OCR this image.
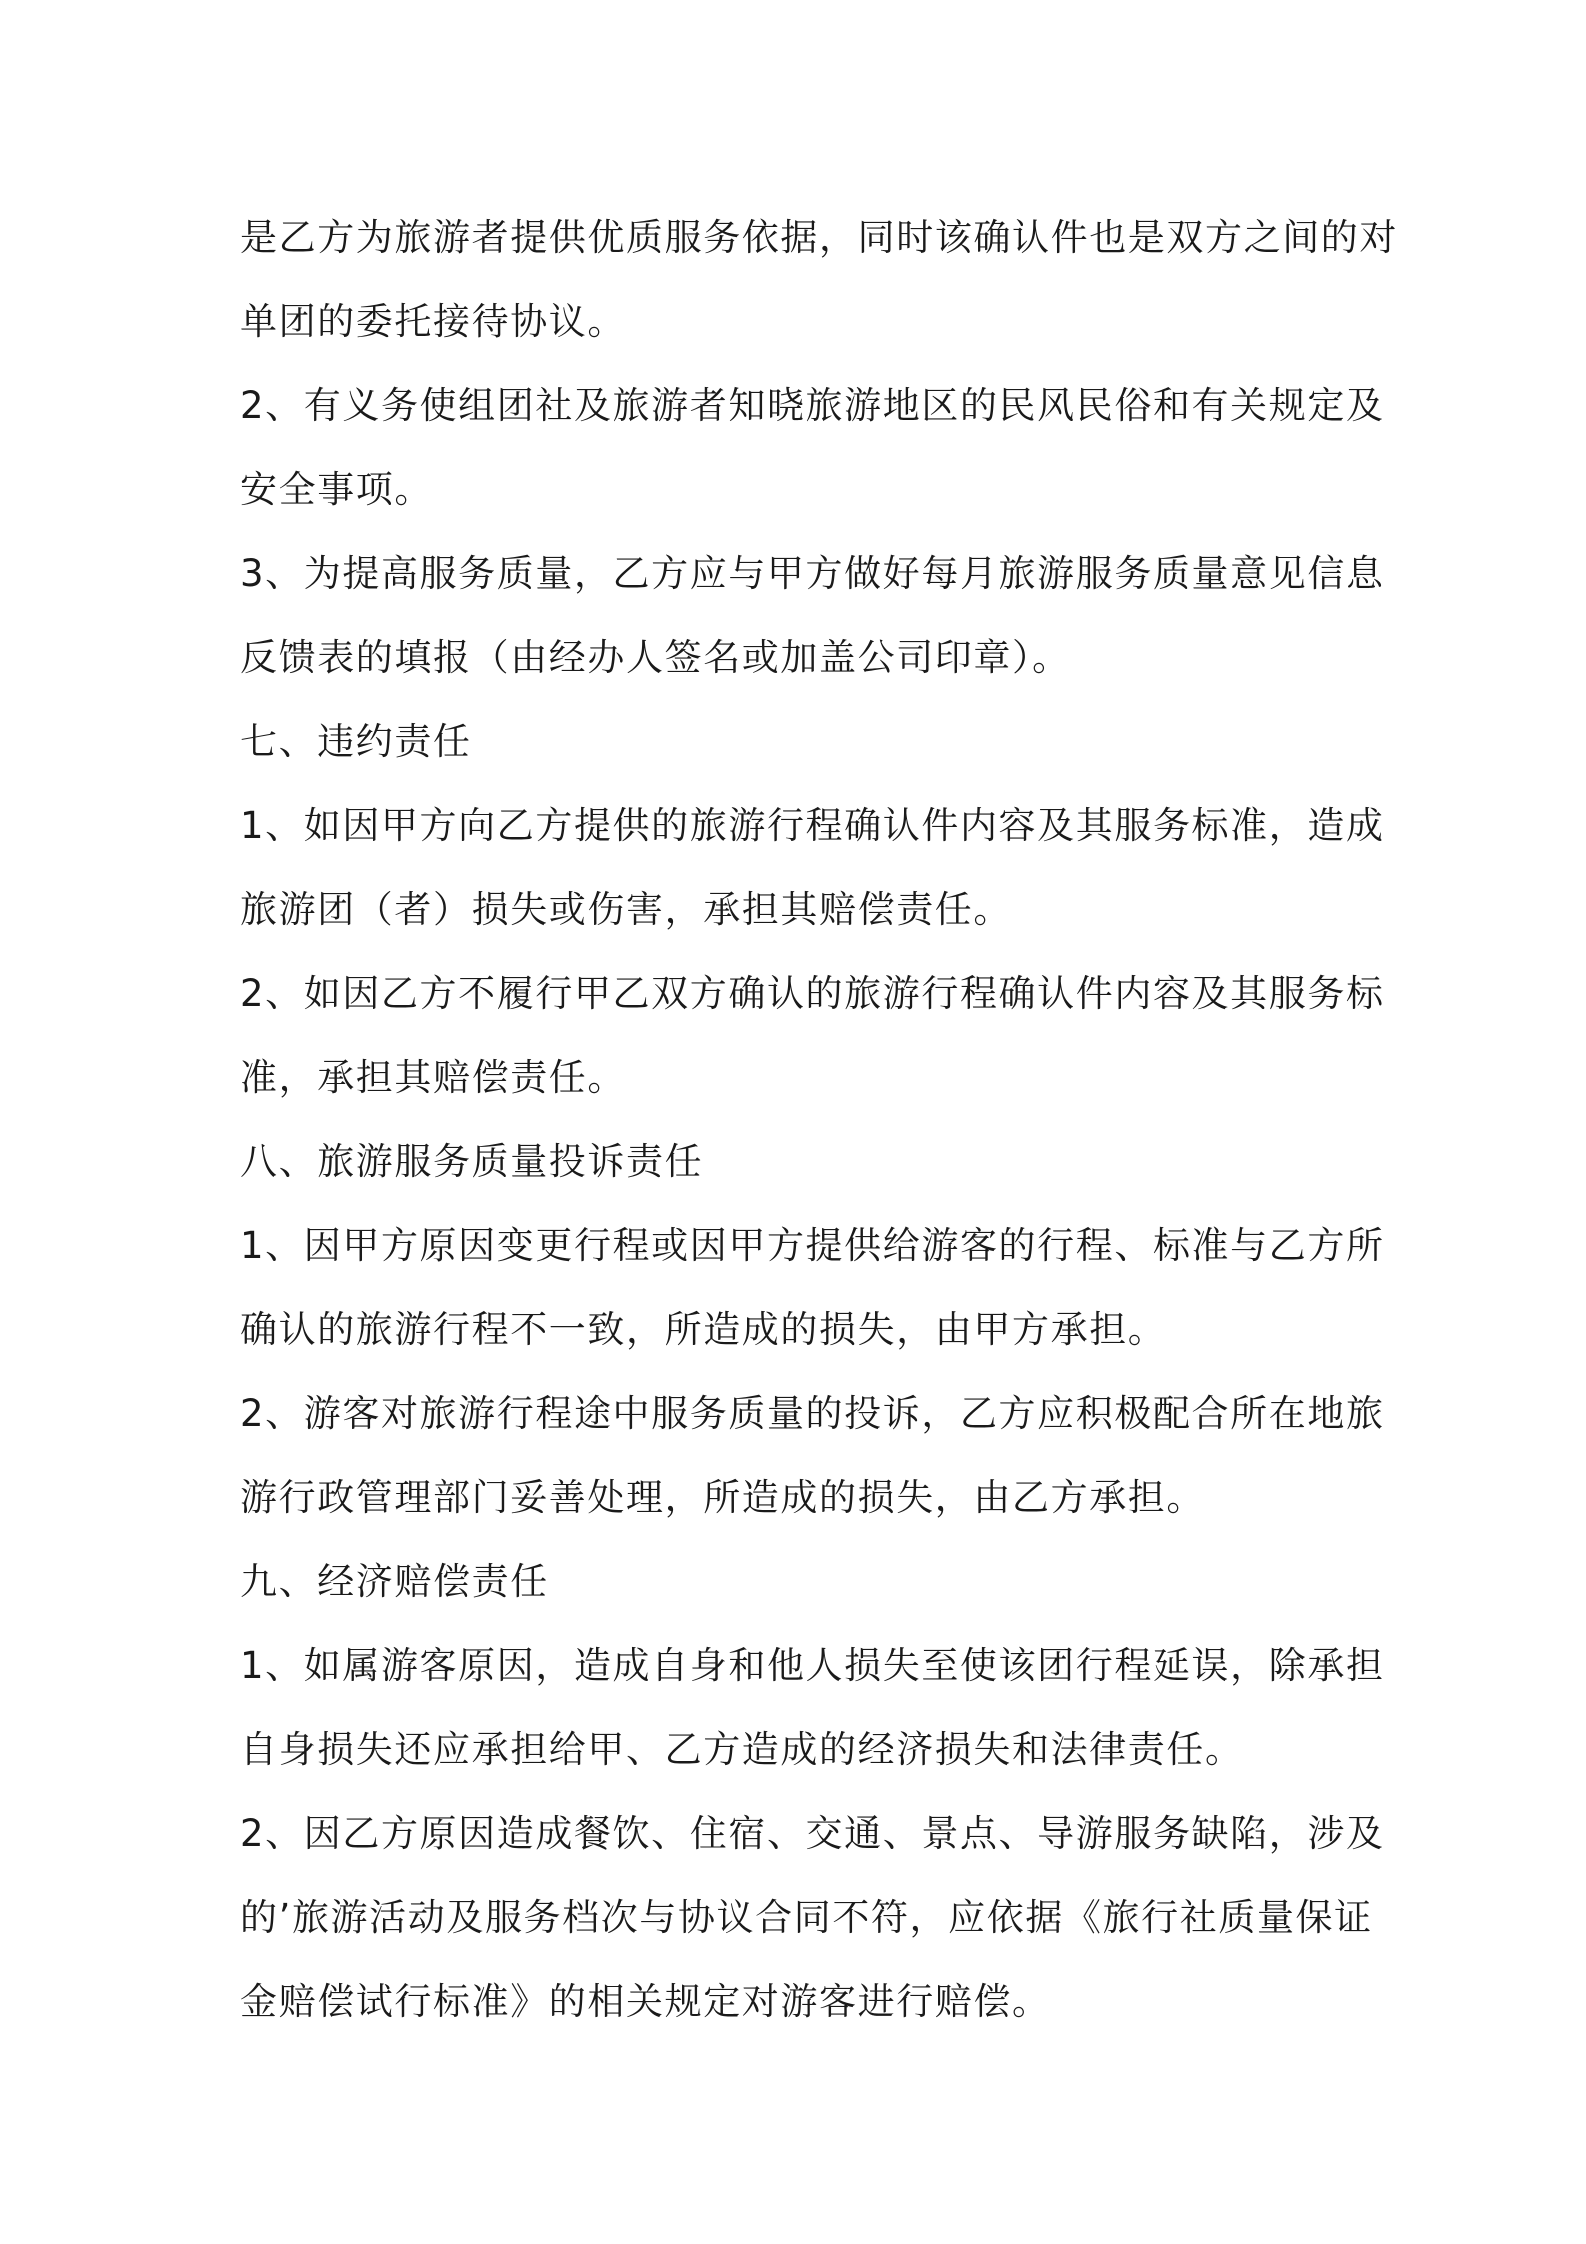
是乙方为旅游者提供优质服务依据，同时该确认件也是双方之间的对
单团的委托接待协议。
2、有义务使组团社及旅游者知晓旅游地区的民风民俗和有关规定及
安全事项。
3、为提高服务质量，乙方应与甲方做好每月旅游服务质量意见信息
反馈表的填报（由经办人签名或加盖公司印章）。
七、违约责任
1、如因甲方向乙方提供的旅游行程确认件内容及其服务标准，造成
旅游团（者）损失或伤害，承担其赔偿责任。
2、如因乙方不履行甲乙双方确认的旅游行程确认件内容及其服务标
准，承担其赔偿责任。
八、旅游服务质量投诉责任
1、因甲方原因变更行程或因甲方提供给游客的行程、标准与乙方所
确认的旅游行程不一致，所造成的损失，由甲方承担。
2、游客对旅游行程途中服务质量的投诉，乙方应积极配合所在地旅
游行政管理部门妥善处理，所造成的损失，由乙方承担。
九、经济赔偿责任
1、如属游客原因，造成自身和他人损失至使该团行程延误，除承担
自身损失还应承担给甲、乙方造成的经济损失和法律责任。
2、因乙方原因造成餐饮、住宿、交通、景点、导游服务缺陷，涉及
的’旅游活动及服务档次与协议合同不符，应依据《旅行社质量保证
金赔偿试行标准》的相关规定对游客进行赔偿。
